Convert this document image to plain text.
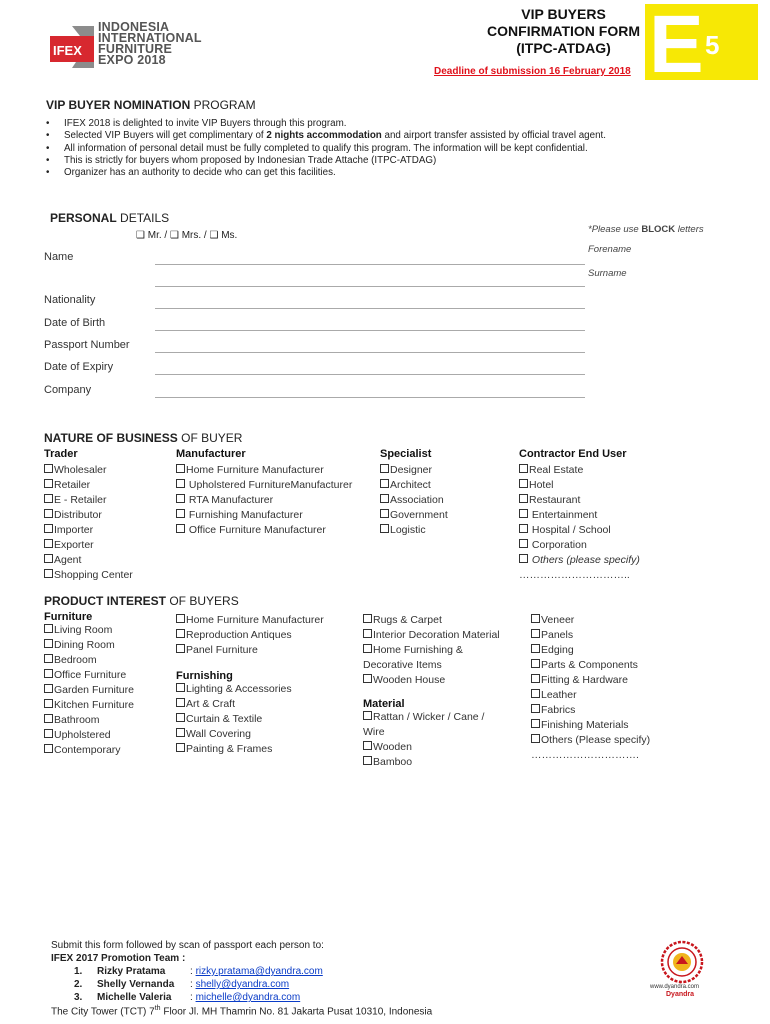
IFEX
INDONESIA
INTERNATIONAL
FURNITURE
EXPO 2018
VIP BUYERS
CONFIRMATION FORM
(ITPC-ATDAG)
Deadline of submission 16 February 2018 E 5
VIP BUYER NOMINATION PROGRAM
• IFEX 2018 is delighted to invite VIP Buyers through this program.
• Selected VIP Buyers will get complimentary of 2 nights accommodation and airport transfer assisted by official travel agent.
• All information of personal detail must be fully completed to qualify this program. The information will be kept confidential.
• This is strictly for buyers whom proposed by Indonesian Trade Attache (ITPC-ATDAG)
• Organizer has an authority to decide who can get this facilities.
PERSONAL DETAILS
❑ Mr. / ❑ Mrs. / ❑ Ms.
*Please use BLOCK letters
Forename
Surname
Name
Nationality
Date of Birth
Passport Number
Date of Expiry
Company
NATURE OF BUSINESS OF BUYER
Trader
Wholesaler
Retailer
E - Retailer
Distributor
Importer
Exporter
Agent
Shopping Center
Manufacturer
Home Furniture Manufacturer
Upholstered FurnitureManufacturer
RTA Manufacturer
Furnishing Manufacturer
Office Furniture Manufacturer
Specialist
Designer
Architect
Association
Government
Logistic
Contractor End User
Real Estate
Hotel
Restaurant
Entertainment
Hospital / School
Corporation
Others (please specify)
…………………………..
PRODUCT INTEREST OF BUYERS
Furniture
Living Room
Dining Room
Bedroom
Office Furniture
Garden Furniture
Kitchen Furniture
Bathroom
Upholstered
Contemporary
Home Furniture Manufacturer
Reproduction Antiques
Panel Furniture
Furnishing
Lighting & Accessories
Art & Craft
Curtain & Textile
Wall Covering
Painting & Frames
Rugs & Carpet
Interior Decoration Material
Home Furnishing &
Decorative Items
Wooden House
Material
Rattan / Wicker / Cane /
Wire
Wooden
Bamboo
Veneer
Panels
Edging
Parts & Components
Fitting & Hardware
Leather
Fabrics
Finishing Materials
Others (Please specify)
………………………….
Submit this form followed by scan of passport each person to:
IFEX 2017 Promotion Team :
1. Rizky Pratama : rizky.pratama@dyandra.com
2. Shelly Vernanda : shelly@dyandra.com
3. Michelle Valeria : michelle@dyandra.com
The City Tower (TCT) 7th Floor Jl. MH Thamrin No. 81 Jakarta Pusat 10310, Indonesia
www.dyandra.com
Dyandra
